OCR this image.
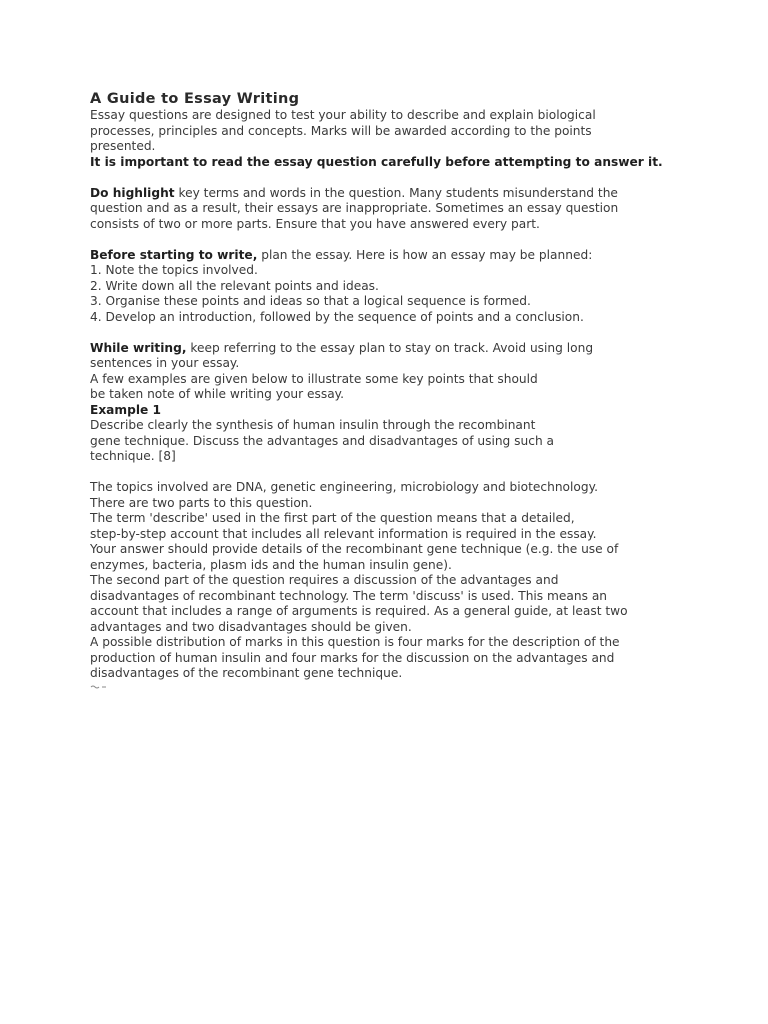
A Guide to Essay Writing
Essay questions are designed to test your ability to describe and explain biological
processes, principles and concepts. Marks will be awarded according to the points
presented.
It is important to read the essay question carefully before attempting to answer it.
Do highlight key terms and words in the question. Many students misunderstand the
question and as a result, their essays are inappropriate. Sometimes an essay question
consists of two or more parts. Ensure that you have answered every part.
Before starting to write, plan the essay. Here is how an essay may be planned:
1. Note the topics involved.
2. Write down all the relevant points and ideas.
3. Organise these points and ideas so that a logical sequence is formed.
4. Develop an introduction, followed by the sequence of points and a conclusion.
While writing, keep referring to the essay plan to stay on track. Avoid using long
sentences in your essay.
A few examples are given below to illustrate some key points that should
be taken note of while writing your essay.
Example 1
Describe clearly the synthesis of human insulin through the recombinant
gene technique. Discuss the advantages and disadvantages of using such a
technique. [8]
The topics involved are DNA, genetic engineering, microbiology and biotechnology.
There are two parts to this question.
The term 'describe' used in the first part of the question means that a detailed,
step-by-step account that includes all relevant information is required in the essay.
Your answer should provide details of the recombinant gene technique (e.g. the use of
enzymes, bacteria, plasm ids and the human insulin gene).
The second part of the question requires a discussion of the advantages and
disadvantages of recombinant technology. The term 'discuss' is used. This means an
account that includes a range of arguments is required. As a general guide, at least two
advantages and two disadvantages should be given.
A possible distribution of marks in this question is four marks for the description of the
production of human insulin and four marks for the discussion on the advantages and
disadvantages of the recombinant gene technique.
